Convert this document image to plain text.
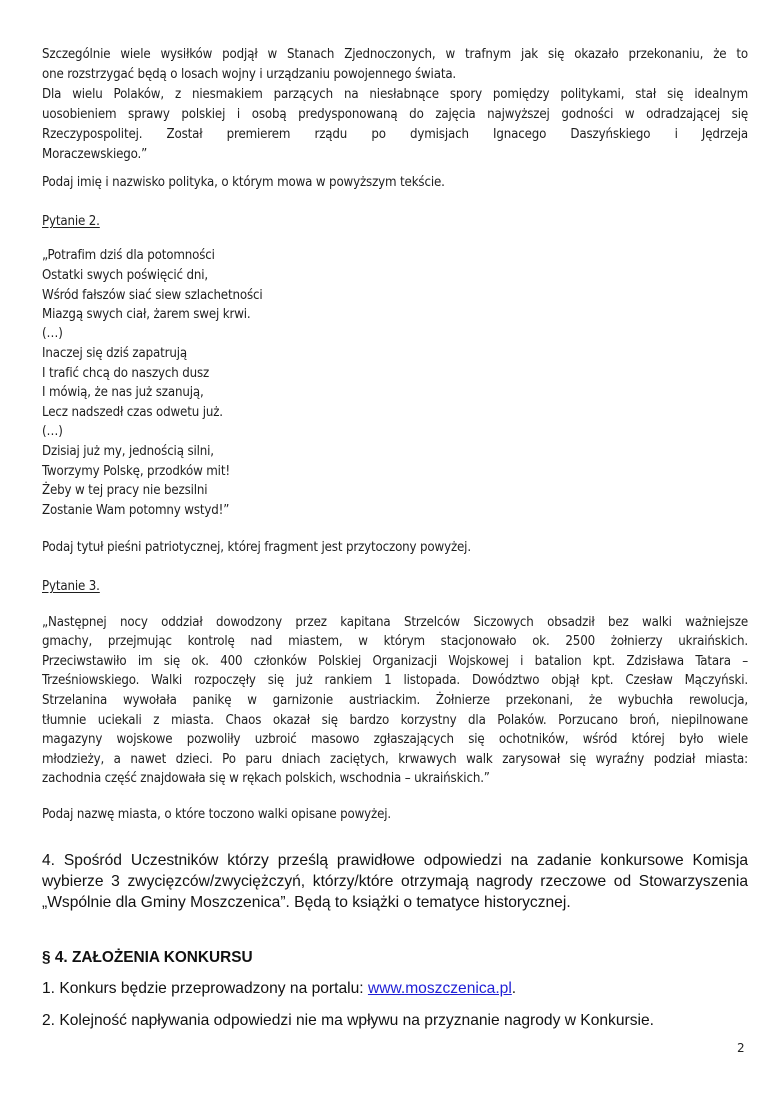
Szczególnie wiele wysiłków podjął w Stanach Zjednoczonych, w trafnym jak się okazało przekonaniu, że to
one rozstrzygać będą o losach wojny i urządzaniu powojennego świata.
Dla wielu Polaków, z niesmakiem parzących na niesłabnące spory pomiędzy politykami, stał się idealnym
uosobieniem sprawy polskiej i osobą predysponowaną do zajęcia najwyższej godności w odradzającej się
Rzeczypospolitej. Został premierem rządu po dymisjach Ignacego Daszyńskiego i Jędrzeja
Moraczewskiego.”
Podaj imię i nazwisko polityka, o którym mowa w powyższym tekście.
Pytanie 2.
„Potrafim dziś dla potomności
Ostatki swych poświęcić dni,
Wśród fałszów siać siew szlachetności
Miazgą swych ciał, żarem swej krwi.
(…)
Inaczej się dziś zapatrują
I trafić chcą do naszych dusz
I mówią, że nas już szanują,
Lecz nadszedł czas odwetu już.
(…)
Dzisiaj już my, jednością silni,
Tworzymy Polskę, przodków mit!
Żeby w tej pracy nie bezsilni
Zostanie Wam potomny wstyd!”
Podaj tytuł pieśni patriotycznej, której fragment jest przytoczony powyżej.
Pytanie 3.
„Następnej nocy oddział dowodzony przez kapitana Strzelców Siczowych obsadził bez walki ważniejsze
gmachy, przejmując kontrolę nad miastem, w którym stacjonowało ok. 2500 żołnierzy ukraińskich.
Przeciwstawiło im się ok. 400 członków Polskiej Organizacji Wojskowej i batalion kpt. Zdzisława Tatara –
Trześniowskiego. Walki rozpoczęły się już rankiem 1 listopada. Dowództwo objął kpt. Czesław Mączyński.
Strzelanina wywołała panikę w garnizonie austriackim. Żołnierze przekonani, że wybuchła rewolucja,
tłumnie uciekali z miasta. Chaos okazał się bardzo korzystny dla Polaków. Porzucano broń, niepilnowane
magazyny wojskowe pozwoliły uzbroić masowo zgłaszających się ochotników, wśród której było wiele
młodzieży, a nawet dzieci. Po paru dniach zaciętych, krwawych walk zarysował się wyraźny podział miasta:
zachodnia część znajdowała się w rękach polskich, wschodnia – ukraińskich.”
Podaj nazwę miasta, o które toczono walki opisane powyżej.
4. Spośród Uczestników którzy prześlą prawidłowe odpowiedzi na zadanie konkursowe Komisja
wybierze 3 zwycięzców/zwyciężczyń, którzy/które otrzymają nagrody rzeczowe od Stowarzyszenia
„Wspólnie dla Gminy Moszczenica”. Będą to książki o tematyce historycznej.
§ 4. ZAŁOŻENIA KONKURSU
1. Konkurs będzie przeprowadzony na portalu: www.moszczenica.pl.
2. Kolejność napływania odpowiedzi nie ma wpływu na przyznanie nagrody w Konkursie.
2
